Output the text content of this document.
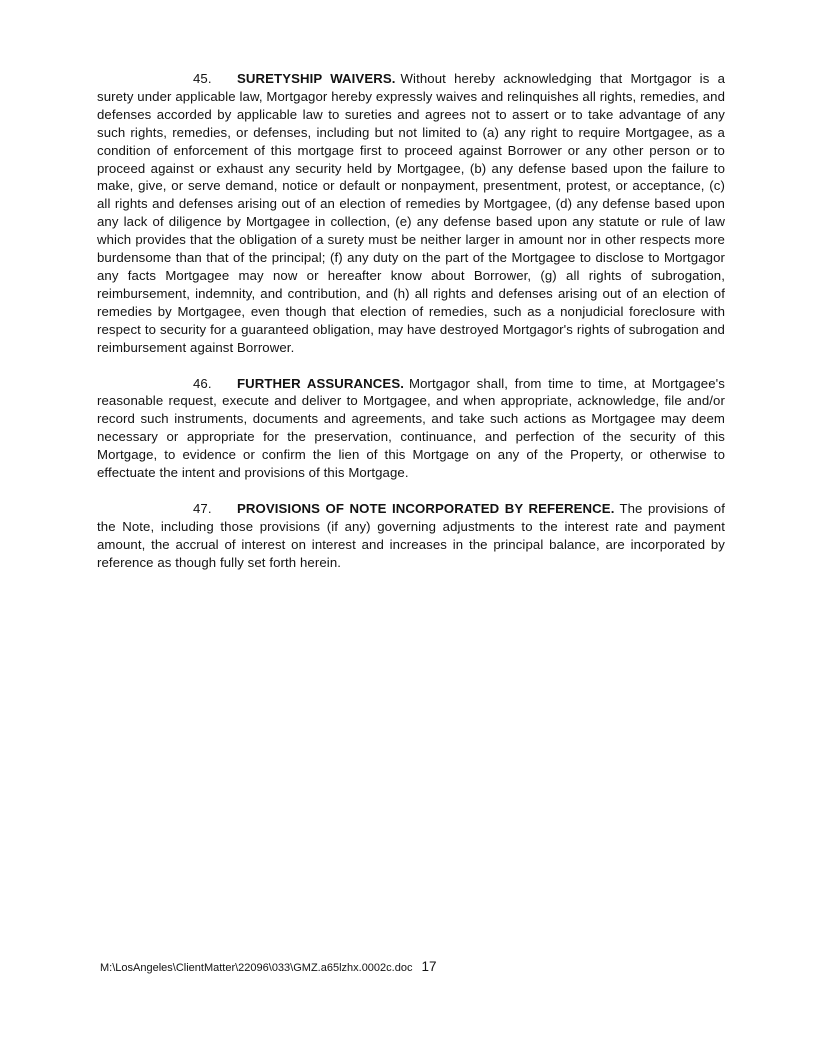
45. SURETYSHIP WAIVERS. Without hereby acknowledging that Mortgagor is a surety under applicable law, Mortgagor hereby expressly waives and relinquishes all rights, remedies, and defenses accorded by applicable law to sureties and agrees not to assert or to take advantage of any such rights, remedies, or defenses, including but not limited to (a) any right to require Mortgagee, as a condition of enforcement of this mortgage first to proceed against Borrower or any other person or to proceed against or exhaust any security held by Mortgagee, (b) any defense based upon the failure to make, give, or serve demand, notice or default or nonpayment, presentment, protest, or acceptance, (c) all rights and defenses arising out of an election of remedies by Mortgagee, (d) any defense based upon any lack of diligence by Mortgagee in collection, (e) any defense based upon any statute or rule of law which provides that the obligation of a surety must be neither larger in amount nor in other respects more burdensome than that of the principal; (f) any duty on the part of the Mortgagee to disclose to Mortgagor any facts Mortgagee may now or hereafter know about Borrower, (g) all rights of subrogation, reimbursement, indemnity, and contribution, and (h) all rights and defenses arising out of an election of remedies by Mortgagee, even though that election of remedies, such as a nonjudicial foreclosure with respect to security for a guaranteed obligation, may have destroyed Mortgagor's rights of subrogation and reimbursement against Borrower.

46. FURTHER ASSURANCES. Mortgagor shall, from time to time, at Mortgagee's reasonable request, execute and deliver to Mortgagee, and when appropriate, acknowledge, file and/or record such instruments, documents and agreements, and take such actions as Mortgagee may deem necessary or appropriate for the preservation, continuance, and perfection of the security of this Mortgage, to evidence or confirm the lien of this Mortgage on any of the Property, or otherwise to effectuate the intent and provisions of this Mortgage.

47. PROVISIONS OF NOTE INCORPORATED BY REFERENCE. The provisions of the Note, including those provisions (if any) governing adjustments to the interest rate and payment amount, the accrual of interest on interest and increases in the principal balance, are incorporated by reference as though fully set forth herein.

M:\LosAngeles\ClientMatter\22096\033\GMZ.a65lzhx.0002c.doc 17
